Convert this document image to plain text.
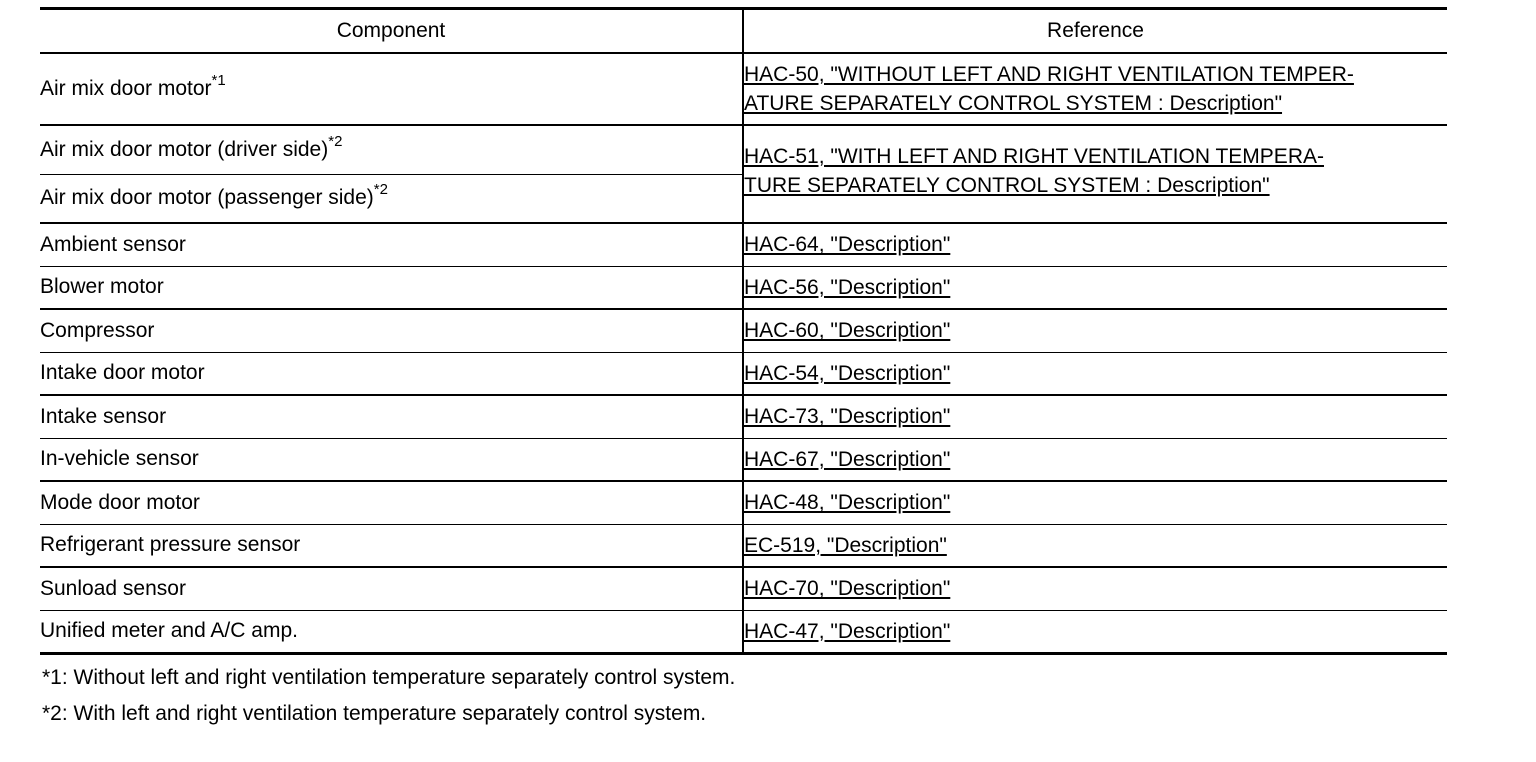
Component	Reference
Air mix door motor$^{*1}$	HAC-50, "WITHOUT LEFT AND RIGHT VENTILATION TEMPER-
ATURE SEPARATELY CONTROL SYSTEM : Description"

Air mix door motor (driver side)$^{*2}$	HAC-51, "WITH LEFT AND RIGHT VENTILATION TEMPERA-
TURE SEPARATELY CONTROL SYSTEM : Description"

Air mix door motor (passenger side)$^{*2}$
Ambient sensor	HAC-64, "Description"
Blower motor	HAC-56, "Description"
Compressor	HAC-60, "Description"
Intake door motor	HAC-54, "Description"
Intake sensor	HAC-73, "Description"
In-vehicle sensor	HAC-67, "Description"
Mode door motor	HAC-48, "Description"
Refrigerant pressure sensor	EC-519, "Description"
Sunload sensor	HAC-70, "Description"
Unified meter and A/C amp.	HAC-47, "Description"
*1: Without left and right ventilation temperature separately control system.
*2: With left and right ventilation temperature separately control system.
